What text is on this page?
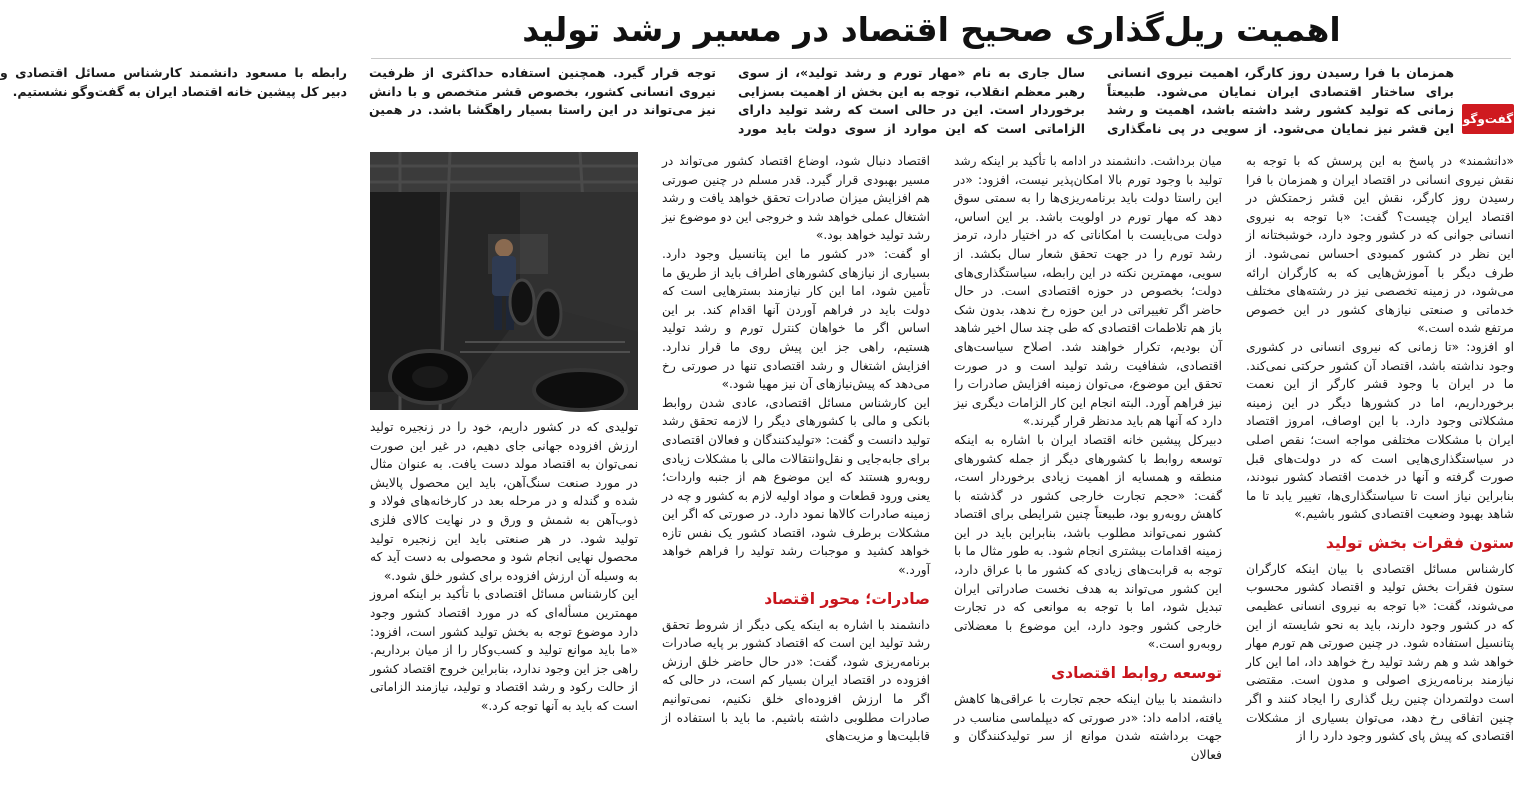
اهمیت ریل‌گذاری صحیح اقتصاد در مسیر رشد تولید
گفت‌وگو

همزمان با فرا رسیدن روز کارگر، اهمیت نیروی انسانی برای ساختار اقتصادی ایران نمایان می‌شود. طبیعتاً زمانی که تولید کشور رشد داشته باشد، اهمیت و رشد این قشر نیز نمایان می‌شود. از سویی در پی نامگذاری سال جاری به نام «مهار تورم و رشد تولید»، از سوی رهبر معظم انقلاب، توجه به این بخش از اهمیت بسزایی برخوردار است. این در حالی است که رشد تولید دارای الزاماتی است که این موارد از سوی دولت باید مورد توجه قرار گیرد. همچنین استفاده حداکثری از ظرفیت نیروی انسانی کشور، بخصوص قشر متخصص و با دانش نیز می‌تواند در این راستا بسیار راهگشا باشد. در همین رابطه با مسعود دانشمند کارشناس مسائل اقتصادی و دبیر کل پیشین خانه اقتصاد ایران به گفت‌وگو نشستیم.

«دانشمند» در پاسخ به این پرسش که با توجه به نقش نیروی انسانی در اقتصاد ایران و همزمان با فرا رسیدن روز کارگر، نقش این قشر زحمتکش در اقتصاد ایران چیست؟ گفت: «با توجه به نیروی انسانی جوانی که در کشور وجود دارد، خوشبختانه از این نظر در کشور کمبودی احساس نمی‌شود. از طرف دیگر با آموزش‌هایی که به کارگران ارائه می‌شود، در زمینه تخصصی نیز در رشته‌های مختلف خدماتی و صنعتی نیازهای کشور در این خصوص مرتفع شده است.»

او افزود: «تا زمانی که نیروی انسانی در کشوری وجود نداشته باشد، اقتصاد آن کشور حرکتی نمی‌کند. ما در ایران با وجود قشر کارگر از این نعمت برخورداریم، اما در کشورها دیگر در این زمینه مشکلاتی وجود دارد. با این اوصاف، امروز اقتصاد ایران با مشکلات مختلفی مواجه است؛ نقص اصلی در سیاستگذاری‌هایی است که در دولت‌های قبل صورت گرفته و آنها در خدمت اقتصاد کشور نبودند، بنابراین نیاز است تا سیاستگذاری‌ها، تغییر یابد تا ما شاهد بهبود وضعیت اقتصادی کشور باشیم.»

ستون فقرات بخش تولید

کارشناس مسائل اقتصادی با بیان اینکه کارگران ستون فقرات بخش تولید و اقتصاد کشور محسوب می‌شوند، گفت: «با توجه به نیروی انسانی عظیمی که در کشور وجود دارند، باید به نحو شایسته از این پتانسیل استفاده شود. در چنین صورتی هم تورم مهار خواهد شد و هم رشد تولید رخ خواهد داد، اما این کار نیازمند برنامه‌ریزی اصولی و مدون است. مقتضی است دولتمردان چنین ریل گذاری را ایجاد کنند و اگر چنین اتفاقی رخ دهد، می‌توان بسیاری از مشکلات اقتصادی که پیش پای کشور وجود دارد را از

میان برداشت. دانشمند در ادامه با تأکید بر اینکه رشد تولید با وجود تورم بالا امکان‌پذیر نیست، افزود: «در این راستا دولت باید برنامه‌ریزی‌ها را به سمتی سوق دهد که مهار تورم در اولویت باشد. بر این اساس، دولت می‌بایست با امکاناتی که در اختیار دارد، ترمز رشد تورم را در جهت تحقق شعار سال بکشد. از سویی، مهمترین نکته در این رابطه، سیاستگذاری‌های دولت؛ بخصوص در حوزه اقتصادی است. در حال حاضر اگر تغییراتی در این حوزه رخ ندهد، بدون شک باز هم تلاطمات اقتصادی که طی چند سال اخیر شاهد آن بودیم، تکرار خواهند شد. اصلاح سیاست‌های اقتصادی، شفافیت رشد تولید است و در صورت تحقق این موضوع، می‌توان زمینه افزایش صادرات را نیز فراهم آورد. البته انجام این کار الزامات دیگری نیز دارد که آنها هم باید مدنظر قرار گیرند.»

دبیرکل پیشین خانه اقتصاد ایران با اشاره به اینکه توسعه روابط با کشورهای دیگر از جمله کشورهای منطقه و همسایه از اهمیت زیادی برخوردار است، گفت: «حجم تجارت خارجی کشور در گذشته با کاهش روبه‌رو بود، طبیعتاً چنین شرایطی برای اقتصاد کشور نمی‌تواند مطلوب باشد، بنابراین باید در این زمینه اقدامات بیشتری انجام شود. به طور مثال ما با توجه به قرابت‌های زیادی که کشور ما با عراق دارد، این کشور می‌تواند به هدف نخست صادراتی ایران تبدیل شود، اما با توجه به موانعی که در تجارت خارجی کشور وجود دارد، این موضوع با معضلاتی روبه‌رو است.»

توسعه روابط اقتصادی

دانشمند با بیان اینکه حجم تجارت با عراقی‌ها کاهش یافته، ادامه داد: «در صورتی که دیپلماسی مناسب در جهت برداشته شدن موانع از سر تولیدکنندگان و فعالان

اقتصاد دنبال شود، اوضاع اقتصاد کشور می‌تواند در مسیر بهبودی قرار گیرد. قدر مسلم در چنین صورتی هم افزایش میزان صادرات تحقق خواهد یافت و رشد اشتغال عملی خواهد شد و خروجی این دو موضوع نیز رشد تولید خواهد بود.»

او گفت: «در کشور ما این پتانسیل وجود دارد. بسیاری از نیازهای کشورهای اطراف باید از طریق ما تأمین شود، اما این کار نیازمند بسترهایی است که دولت باید در فراهم آوردن آنها اقدام کند. بر این اساس اگر ما خواهان کنترل تورم و رشد تولید هستیم، راهی جز این پیش روی ما قرار ندارد. افزایش اشتغال و رشد اقتصادی تنها در صورتی رخ می‌دهد که پیش‌نیازهای آن نیز مهیا شود.»

این کارشناس مسائل اقتصادی، عادی شدن روابط بانکی و مالی با کشورهای دیگر را لازمه تحقق رشد تولید دانست و گفت: «تولیدکنندگان و فعالان اقتصادی برای جابه‌جایی و نقل‌وانتقالات مالی با مشکلات زیادی روبه‌رو هستند که این موضوع هم از جنبه واردات؛ یعنی ورود قطعات و مواد اولیه لازم به کشور و چه در زمینه صادرات کالاها نمود دارد. در صورتی که اگر این مشکلات برطرف شود، اقتصاد کشور یک نفس تازه خواهد کشید و موجبات رشد تولید را فراهم خواهد آورد.»

صادرات؛ محور اقتصاد

دانشمند با اشاره به اینکه یکی دیگر از شروط تحقق رشد تولید این است که اقتصاد کشور بر پایه صادرات برنامه‌ریزی شود، گفت: «در حال حاضر خلق ارزش افزوده در اقتصاد ایران بسیار کم است، در حالی که اگر ما ارزش افزوده‌ای خلق نکنیم، نمی‌توانیم صادرات مطلوبی داشته باشیم. ما باید با استفاده از قابلیت‌ها و مزیت‌های

تولیدی که در کشور داریم، خود را در زنجیره تولید ارزش افزوده جهانی جای دهیم، در غیر این صورت نمی‌توان به اقتصاد مولد دست یافت. به عنوان مثال در مورد صنعت سنگ‌آهن، باید این محصول پالایش شده و گندله و در مرحله بعد در کارخانه‌های فولاد و ذوب‌آهن به شمش و ورق و در نهایت کالای فلزی تولید شود. در هر صنعتی باید این زنجیره تولید محصول نهایی انجام شود و محصولی به دست آید که به وسیله آن ارزش افزوده برای کشور خلق شود.»

این کارشناس مسائل اقتصادی با تأکید بر اینکه امروز مهمترین مسأله‌ای که در مورد اقتصاد کشور وجود دارد موضوع توجه به بخش تولید کشور است، افزود: «ما باید موانع تولید و کسب‌وکار را از میان برداریم. راهی جز این وجود ندارد، بنابراین خروج اقتصاد کشور از حالت رکود و رشد اقتصاد و تولید، نیازمند الزاماتی است که باید به آنها توجه کرد.»
